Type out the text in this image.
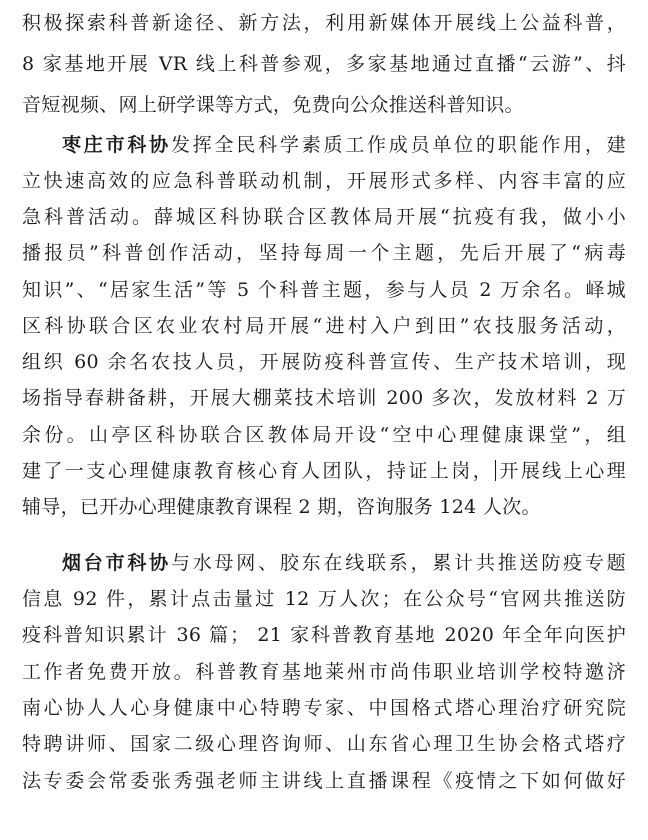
积极探索科普新途径、新方法，利用新媒体开展线上公益科普，
8 家基地开展 VR 线上科普参观，多家基地通过直播“云游”、抖
音短视频、网上研学课等方式，免费向公众推送科普知识。
枣庄市科协发挥全民科学素质工作成员单位的职能作用，建
立快速高效的应急科普联动机制，开展形式多样、内容丰富的应
急科普活动。薛城区科协联合区教体局开展“抗疫有我，做小小
播报员”科普创作活动，坚持每周一个主题，先后开展了“病毒
知识”、“居家生活”等 5 个科普主题，参与人员 2 万余名。峄城
区科协联合区农业农村局开展“进村入户到田”农技服务活动，
组织 60 余名农技人员，开展防疫科普宣传、生产技术培训，现
场指导春耕备耕，开展大棚菜技术培训 200 多次，发放材料 2 万
余份。山亭区科协联合区教体局开设“空中心理健康课堂”，组
建了一支心理健康教育核心育人团队，持证上岗， 开展线上心理
辅导，已开办心理健康教育课程 2 期，咨询服务 124 人次。
烟台市科协与水母网、胶东在线联系，累计共推送防疫专题
信息 92 件，累计点击量过 12 万人次；在公众号“官网共推送防
疫科普知识累计 36 篇； 21 家科普教育基地 2020 年全年向医护
工作者免费开放。科普教育基地莱州市尚伟职业培训学校特邀济
南心协人人心身健康中心特聘专家、中国格式塔心理治疗研究院
特聘讲师、国家二级心理咨询师、山东省心理卫生协会格式塔疗
法专委会常委张秀强老师主讲线上直播课程《疫情之下如何做好
